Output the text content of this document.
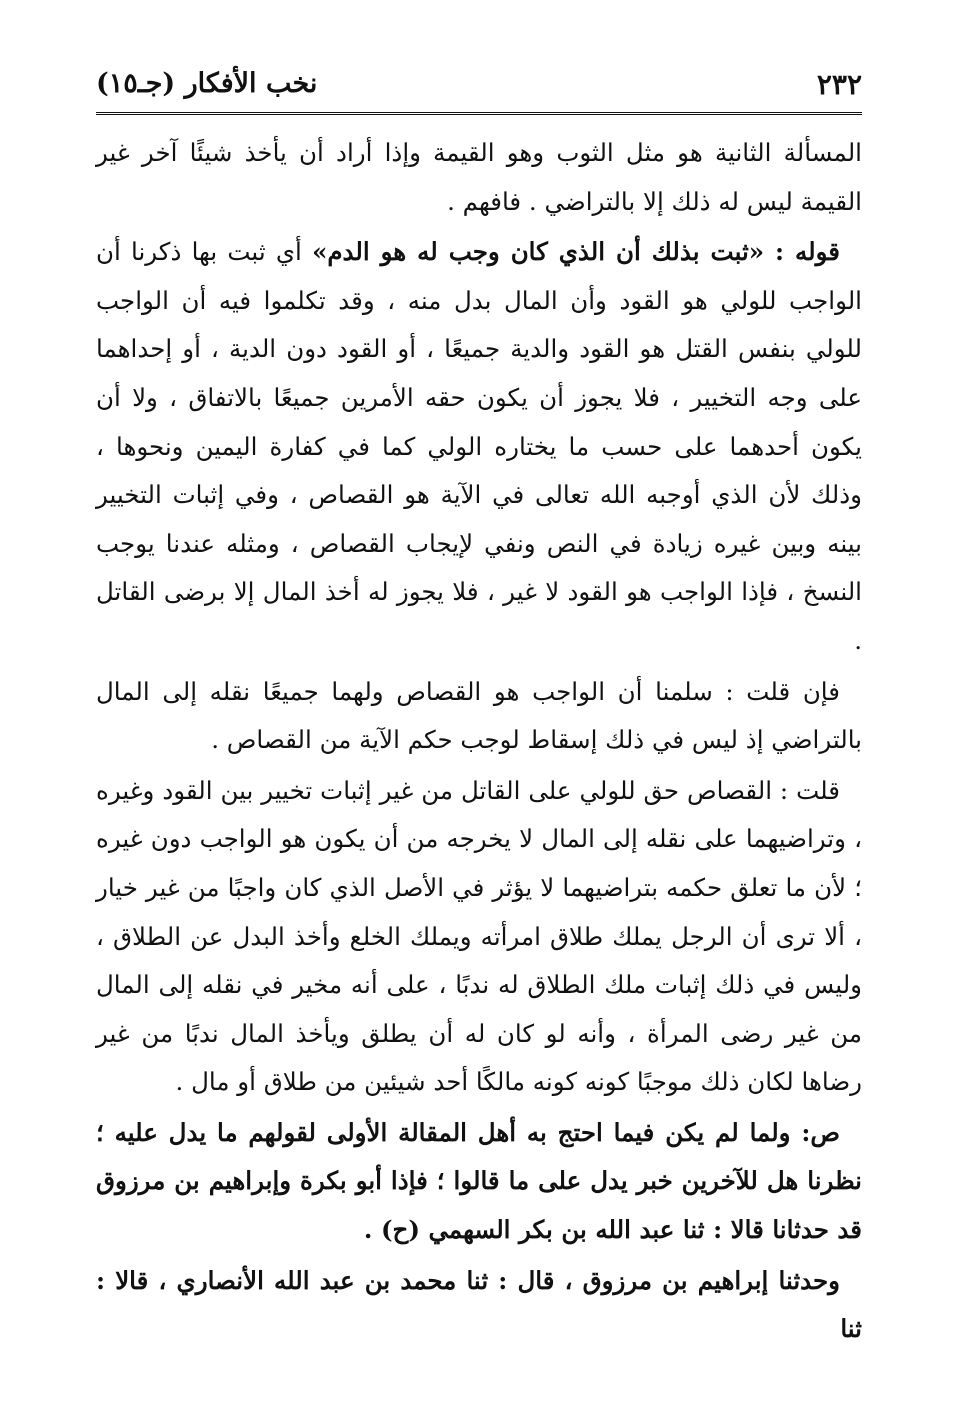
٢٣٢
نخب الأفكار (جـ١٥)

المسألة الثانية هو مثل الثوب وهو القيمة وإذا أراد أن يأخذ شيئًا آخر غير القيمة ليس له ذلك إلا بالتراضي . فافهم .

قوله : «ثبت بذلك أن الذي كان وجب له هو الدم» أي ثبت بها ذكرنا أن الواجب للولي هو القود وأن المال بدل منه ، وقد تكلموا فيه أن الواجب للولي بنفس القتل هو القود والدية جميعًا ، أو القود دون الدية ، أو إحداهما على وجه التخيير ، فلا يجوز أن يكون حقه الأمرين جميعًا بالاتفاق ، ولا أن يكون أحدهما على حسب ما يختاره الولي كما في كفارة اليمين ونحوها ، وذلك لأن الذي أوجبه الله تعالى في الآية هو القصاص ، وفي إثبات التخيير بينه وبين غيره زيادة في النص ونفي لإيجاب القصاص ، ومثله عندنا يوجب النسخ ، فإذا الواجب هو القود لا غير ، فلا يجوز له أخذ المال إلا برضى القاتل .

فإن قلت : سلمنا أن الواجب هو القصاص ولهما جميعًا نقله إلى المال بالتراضي إذ ليس في ذلك إسقاط لوجب حكم الآية من القصاص .

قلت : القصاص حق للولي على القاتل من غير إثبات تخيير بين القود وغيره ، وتراضيهما على نقله إلى المال لا يخرجه من أن يكون هو الواجب دون غيره ؛ لأن ما تعلق حكمه بتراضيهما لا يؤثر في الأصل الذي كان واجبًا من غير خيار ، ألا ترى أن الرجل يملك طلاق امرأته ويملك الخلع وأخذ البدل عن الطلاق ، وليس في ذلك إثبات ملك الطلاق له ندبًا ، على أنه مخير في نقله إلى المال من غير رضى المرأة ، وأنه لو كان له أن يطلق ويأخذ المال ندبًا من غير رضاها لكان ذلك موجبًا كونه كونه مالكًا أحد شيئين من طلاق أو مال .

ص: ولما لم يكن فيما احتج به أهل المقالة الأولى لقولهم ما يدل عليه ؛ نظرنا هل للآخرين خبر يدل على ما قالوا ؛ فإذا أبو بكرة وإبراهيم بن مرزوق قد حدثانا قالا : ثنا عبد الله بن بكر السهمي (ح) .

وحدثنا إبراهيم بن مرزوق ، قال : ثنا محمد بن عبد الله الأنصاري ، قالا : ثنا
